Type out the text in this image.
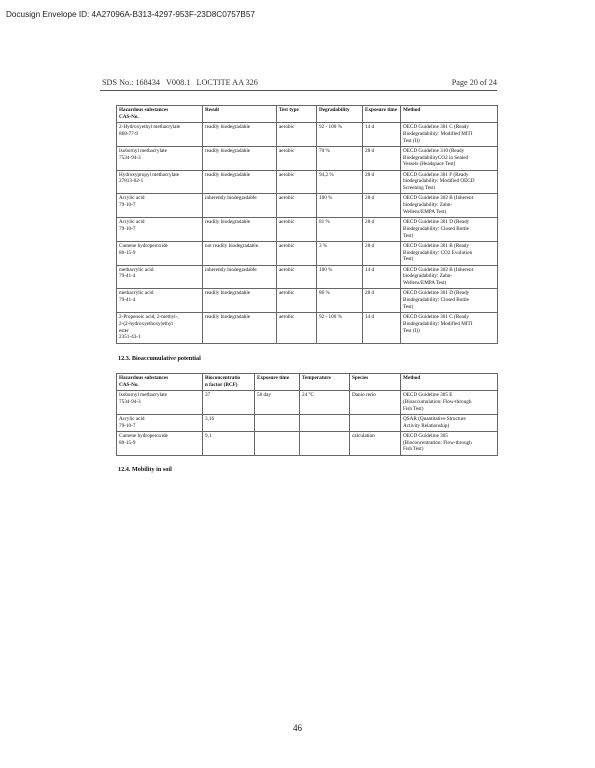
Docusign Envelope ID: 4A27096A-B313-4297-953F-23D8C0757B57
SDS No.: 168434   V008.1   LOCTITE AA 326	Page 20 of 24
Hazardous substances
CAS-No.	Result	Test type	Degradability	Exposure time	Method
2-Hydroxyethyl methacrylate
868-77-9	readily biodegradable	aerobic	92 - 100 %	14 d	OECD Guideline 301 C (Ready
Biodegradability: Modified MITI
Test (I))
Isobornyl methacrylate
7534-94-3	readily biodegradable	aerobic	70 %	28 d	OECD Guideline 310 (Ready
BiodegradabilityCO2 in Sealed
Vessels (Headspace Test)
Hydroxypropyl methacrylate
27813-02-1	readily biodegradable	aerobic	94,2 %	28 d	OECD Guideline 301 F (Ready
biodegradability: Modified OECD
Screening Test)
Acrylic acid
79-10-7	inherently biodegradable	aerobic	100 %	28 d	OECD Guideline 302 B (Inherent
biodegradability: Zahn-
Wellens/EMPA Test)
Acrylic acid
79-10-7	readily biodegradable	aerobic	81 %	28 d	OECD Guideline 301 D (Ready
Biodegradability: Closed Bottle
Test)
Cumene hydroperoxide
80-15-9	not readily biodegradable.	aerobic	3 %	28 d	OECD Guideline 301 B (Ready
Biodegradability: CO2 Evolution
Test)
methacrylic acid
79-41-4	inherently biodegradable	aerobic	100 %	14 d	OECD Guideline 302 B (Inherent
biodegradability: Zahn-
Wellens/EMPA Test)
methacrylic acid
79-41-4	readily biodegradable	aerobic	86 %	28 d	OECD Guideline 301 D (Ready
Biodegradability: Closed Bottle
Test)
2-Propenoic acid, 2-methyl-,
2-(2-hydroxyethoxy)ethyl
ester
2351-43-1	readily biodegradable	aerobic	92 - 100 %	14 d	OECD Guideline 301 C (Ready
Biodegradability: Modified MITI
Test (I))
12.3. Bioaccumulative potential
Hazardous substances
CAS-No.	Bioconcentratio
n factor (BCF)	Exposure time	Temperature	Species	Method
Isobornyl methacrylate
7534-94-3	37	56 day	24 °C	Danio rerio	OECD Guideline 305 E
(Bioaccumulation: Flow-through
Fish Test)
Acrylic acid
79-10-7	3,16				QSAR (Quantitative Structure
Activity Relationship)
Cumene hydroperoxide
80-15-9	9,1			calculation	OECD Guideline 305
(Bioconcentration: Flow-through
Fish Test)
12.4. Mobility in soil
46
